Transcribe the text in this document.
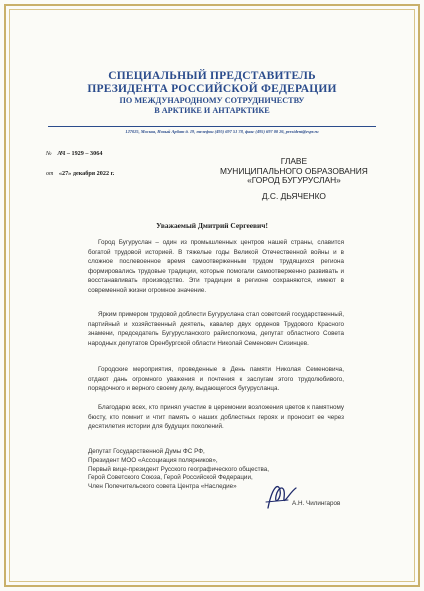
СПЕЦИАЛЬНЫЙ ПРЕДСТАВИТЕЛЬ
ПРЕЗИДЕНТА РОССИЙСКОЙ ФЕДЕРАЦИИ
ПО МЕЖДУНАРОДНОМУ СОТРУДНИЧЕСТВУ
В АРКТИКЕ И АНТАРКТИКЕ
127025, Москва, Новый Арбат д. 19, телефон (495) 697 51 78, факс (495) 697 00 26, president@espr.ru
№ АЧ – 1929 – 3064
от «27» декабря 2022 г.
ГЛАВЕ
МУНИЦИПАЛЬНОГО ОБРАЗОВАНИЯ
«ГОРОД БУГУРУСЛАН»
Д.С. ДЬЯЧЕНКО
Уважаемый Дмитрий Сергеевич!
Город Бугуруслан – один из промышленных центров нашей страны, славится богатой трудовой историей. В тяжелые годы Великой Отечественной войны и в сложное послевоенное время самоотверженным трудом трудящихся региона формировались трудовые традиции, которые помогали самоотверженно развивать и восстанавливать производство. Эти традиции в регионе сохраняются, имеют в современной жизни огромное значение.
Ярким примером трудовой доблести Бугуруслана стал советский государственный, партийный и хозяйственный деятель, кавалер двух орденов Трудового Красного знамени, председатель Бугурусланского райисполкома, депутат областного Совета народных депутатов Оренбургской области Николай Семенович Сизинцев.
Городские мероприятия, проведенные в День памяти Николая Семеновича, отдают дань огромного уважения и почтения к заслугам этого трудолюбивого, порядочного и верного своему делу, выдающегося бугурусланца.
Благодарю всех, кто принял участие в церемонии возложения цветов к памятному бюсту, кто помнит и чтит память о наших доблестных героях и проносит ее через десятилетия истории для будущих поколений.
Депутат Государственной Думы ФС РФ,
Президент МОО «Ассоциация полярников»,
Первый вице-президент Русского географического общества,
Герой Советского Союза, Герой Российской Федерации,
Член Попечительского совета Центра «Наследие»
А.Н. Чилингаров
